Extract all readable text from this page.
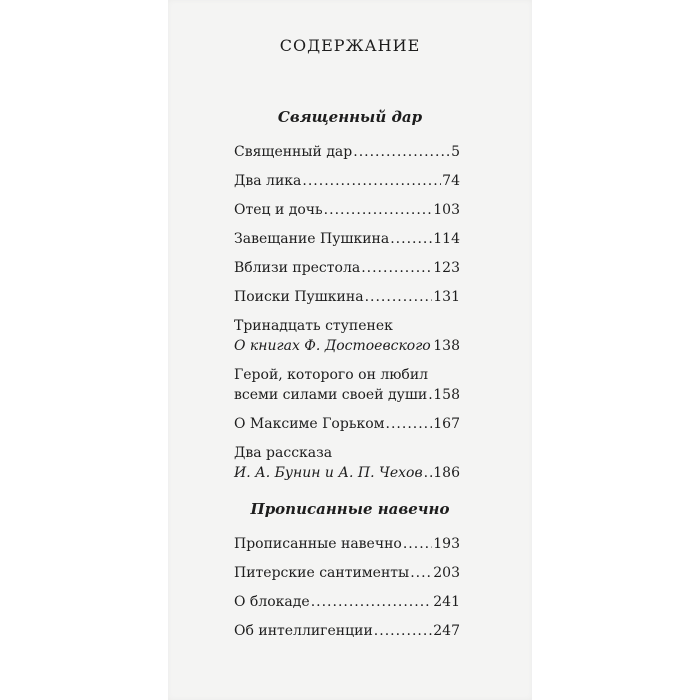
СОДЕРЖАНИЕ
Священный дар
Священный дар .....	5
Два лика .....	74
Отец и дочь .....	103
Завещание Пушкина .....	114
Вблизи престола .....	123
Поиски Пушкина .....	131
Тринадцать ступенек
О книгах Ф. Достоевского ..... 138
Герой, которого он любил
всеми силами своей души ..... 158
О Максиме Горьком .....	167
Два рассказа
И. А. Бунин и А. П. Чехов ..... 186
Прописанные навечно
Прописанные навечно ..... 193
Питерские сантименты ..... 203
О блокаде .....	241
Об интеллигенции .....	247
